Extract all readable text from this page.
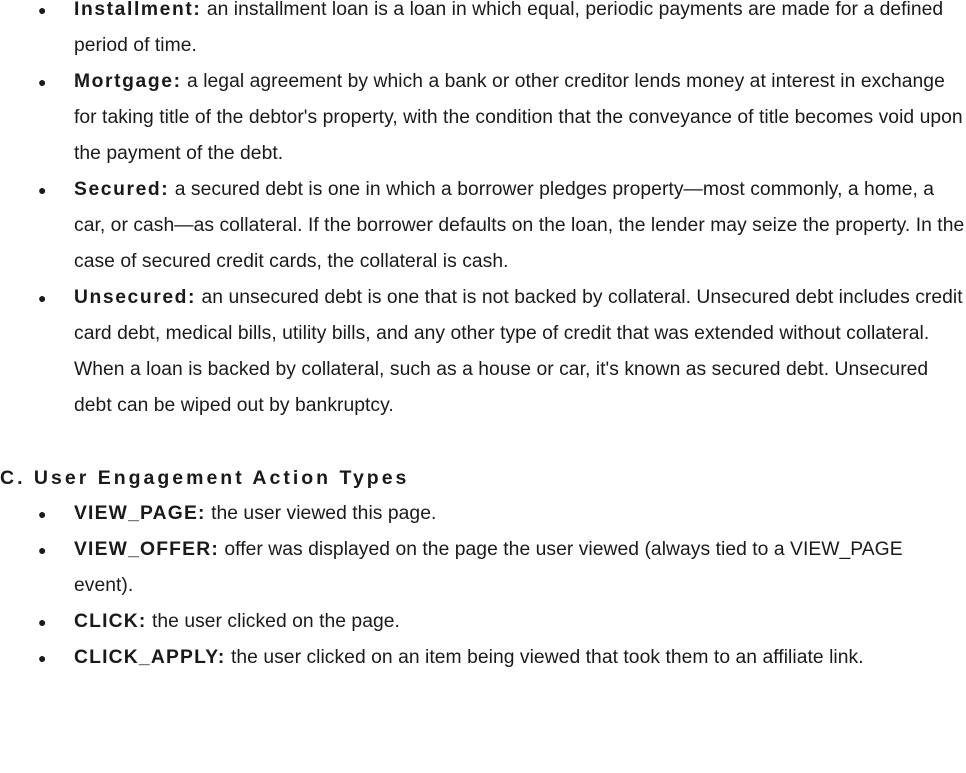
● Installment: an installment loan is a loan in which equal, periodic payments are made for a defined period of time.
● Mortgage: a legal agreement by which a bank or other creditor lends money at interest in exchange for taking title of the debtor's property, with the condition that the conveyance of title becomes void upon the payment of the debt.
● Secured: a secured debt is one in which a borrower pledges property—most commonly, a home, a car, or cash—as collateral. If the borrower defaults on the loan, the lender may seize the property. In the case of secured credit cards, the collateral is cash.
● Unsecured: an unsecured debt is one that is not backed by collateral. Unsecured debt includes credit card debt, medical bills, utility bills, and any other type of credit that was extended without collateral. When a loan is backed by collateral, such as a house or car, it's known as secured debt. Unsecured debt can be wiped out by bankruptcy.
C. User Engagement Action Types
● VIEW_PAGE: the user viewed this page.
● VIEW_OFFER: offer was displayed on the page the user viewed (always tied to a VIEW_PAGE event).
● CLICK: the user clicked on the page.
● CLICK_APPLY: the user clicked on an item being viewed that took them to an affiliate link.
